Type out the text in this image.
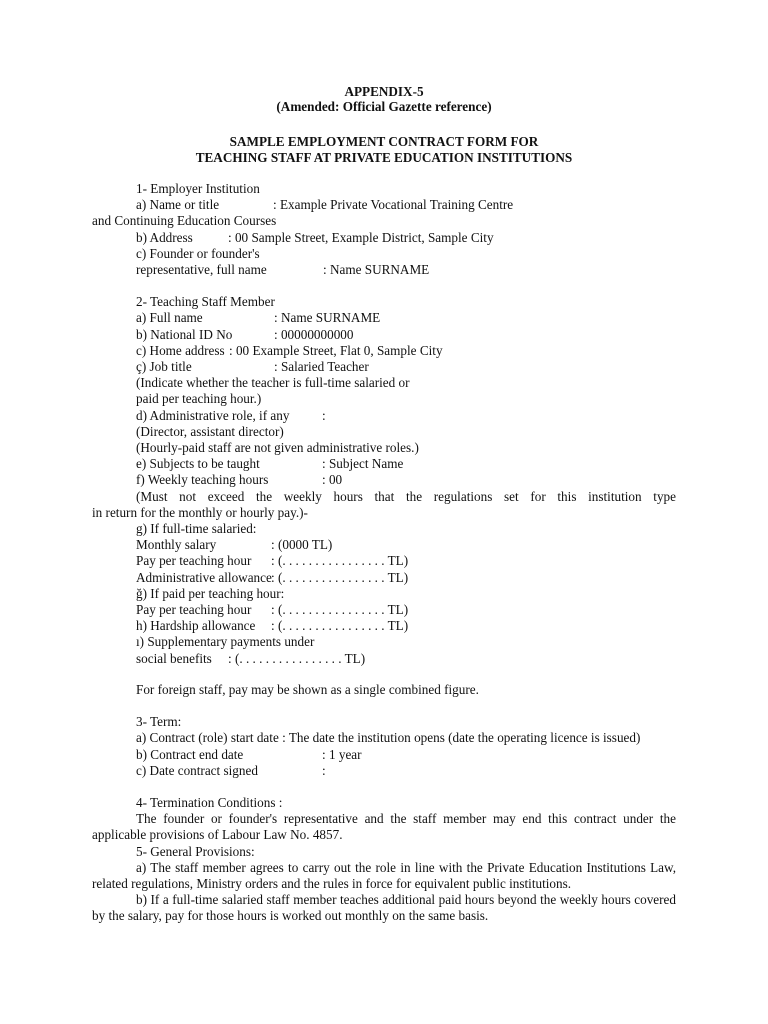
APPENDIX-5
(Amended: Official Gazette reference)
SAMPLE EMPLOYMENT CONTRACT FORM FOR
TEACHING STAFF AT PRIVATE EDUCATION INSTITUTIONS
1- Employer Institution
a) Name or title	: Example Private Vocational Training Centre
and Continuing Education Courses
b) Address	: 00 Sample Street, Example District, Sample City
c) Founder or founder's
representative, full name	: Name SURNAME
2- Teaching Staff Member
a) Full name	: Name SURNAME
b) National ID No	: 00000000000
c) Home address : 00 Example Street, Flat 0, Sample City
ç) Job title	: Salaried Teacher
(Indicate whether the teacher is full-time salaried or
paid per teaching hour.)
d) Administrative role, if any :
(Director, assistant director)
(Hourly-paid staff are not given administrative roles.)
e) Subjects to be taught	: Subject Name
f) Weekly teaching hours	: 00
(Must not exceed the weekly hours that the regulations set for this institution type
in return for the monthly or hourly pay.)-
g) If full-time salaried:
Monthly salary	: (0000 TL)
Pay per teaching hour : (. . . . . . . . . . . . . . . . TL)
Administrative allowance: (. . . . . . . . . . . . . . . . TL)
ğ) If paid per teaching hour:
Pay per teaching hour : (. . . . . . . . . . . . . . . . TL)
h) Hardship allowance : (. . . . . . . . . . . . . . . . TL)
ı) Supplementary payments under
social benefits : (. . . . . . . . . . . . . . . . TL)
For foreign staff, pay may be shown as a single combined figure.
3- Term:
a) Contract (role) start date : The date the institution opens (date the operating licence is issued)
b) Contract end date	: 1 year
c) Date contract signed	:
4- Termination Conditions :
The founder or founder's representative and the staff member may end this contract under the applicable provisions of Labour Law No. 4857.
5- General Provisions:
a) The staff member agrees to carry out the role in line with the Private Education Institutions Law, related regulations, Ministry orders and the rules in force for equivalent public institutions.
b) If a full-time salaried staff member teaches additional paid hours beyond the weekly hours covered by the salary, pay for those hours is worked out monthly on the same basis.
